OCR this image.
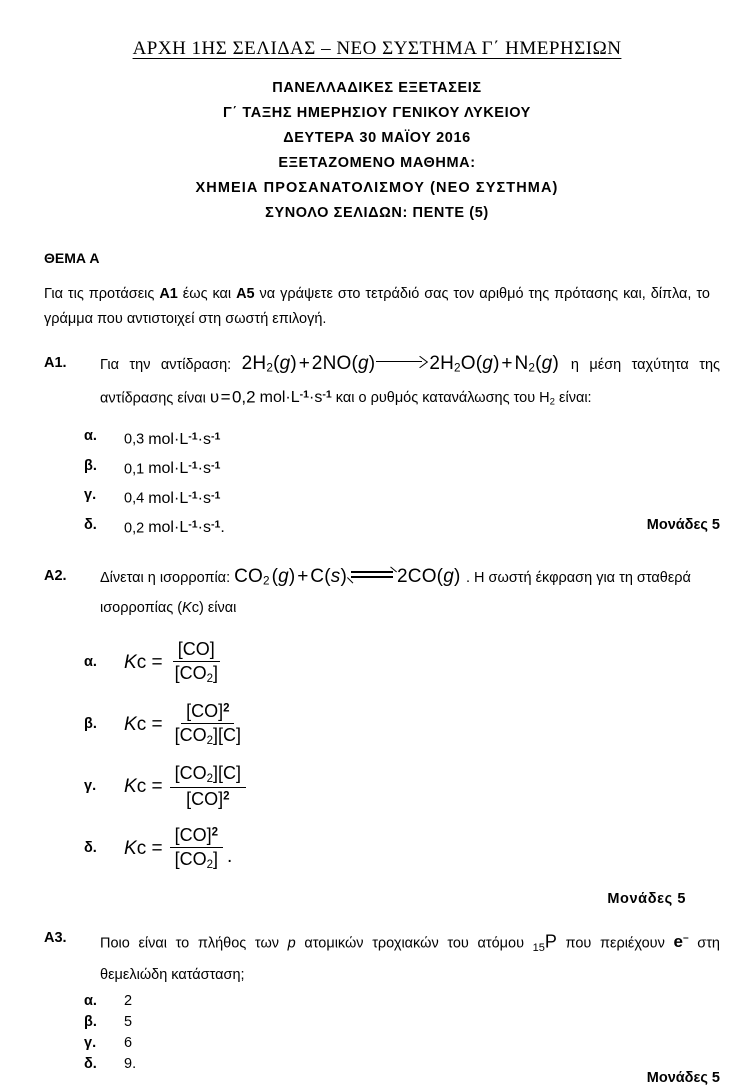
ΑΡΧΗ 1ΗΣ ΣΕΛΙΔΑΣ – ΝΕΟ ΣΥΣΤΗΜΑ Γ΄ ΗΜΕΡΗΣΙΩΝ
ΠΑΝΕΛΛΑΔΙΚΕΣ ΕΞΕΤΑΣΕΙΣ
Γ΄ ΤΑΞΗΣ ΗΜΕΡΗΣΙΟΥ ΓΕΝΙΚΟΥ ΛΥΚΕΙΟΥ
ΔΕΥΤΕΡΑ 30 ΜΑΪΟΥ 2016
ΕΞΕΤΑΖΟΜΕΝΟ ΜΑΘΗΜΑ:
ΧΗΜΕΙΑ ΠΡΟΣΑΝΑΤΟΛΙΣΜΟΥ (ΝΕΟ ΣΥΣΤΗΜΑ)
ΣΥΝΟΛΟ ΣΕΛΙΔΩΝ: ΠΕΝΤΕ (5)
ΘΕΜΑ Α
Για τις προτάσεις Α1 έως και Α5 να γράψετε στο τετράδιό σας τον αριθμό της πρότασης και, δίπλα, το γράμμα που αντιστοιχεί στη σωστή επιλογή.
Α1.	Για την αντίδραση: $2H_2(g)$ + 2NO(g)	$2H_2O(g)$ + $N_2(g)$ η μέση ταχύτητα της αντίδρασης είναι υ = 0,2 $mol\cdot L^{-1}\cdot s^{-1}$ και ο ρυθμός κατανάλωσης του H2 είναι:
α.	0,3 $mol\cdot L^{-1}\cdot s^{-1}$
β.	0,1 $mol\cdot L^{-1}\cdot s^{-1}$
γ.	0,4 $mol\cdot L^{-1}\cdot s^{-1}$
δ.	0,2 $mol\cdot L^{-1}\cdot s^{-1}$.	Μονάδες 5
Α2.	Δίνεται η ισορροπία: $CO_2$ (g) + C(s)⇌2CO(g) . Η σωστή έκφραση για τη σταθερά ισορροπίας (Κc) είναι
α.	$Kc = \frac{[CO]}{[CO_2]}$
β.	$Kc = \frac{[CO]^2}{[CO_2][C]}$
γ.	$Kc = \frac{[CO_2][C]}{[CO]^2}$
δ.	$Kc = \frac{[CO]^2}{[CO_2]}$ .
Μονάδες 5
Α3.	Ποιο είναι το πλήθος των p ατομικών τροχιακών του ατόμου $_{15}$P που περιέχουν e– στη θεμελιώδη κατάσταση;
α.	2
β.	5
γ.	6
δ.	9.
Μονάδες 5
